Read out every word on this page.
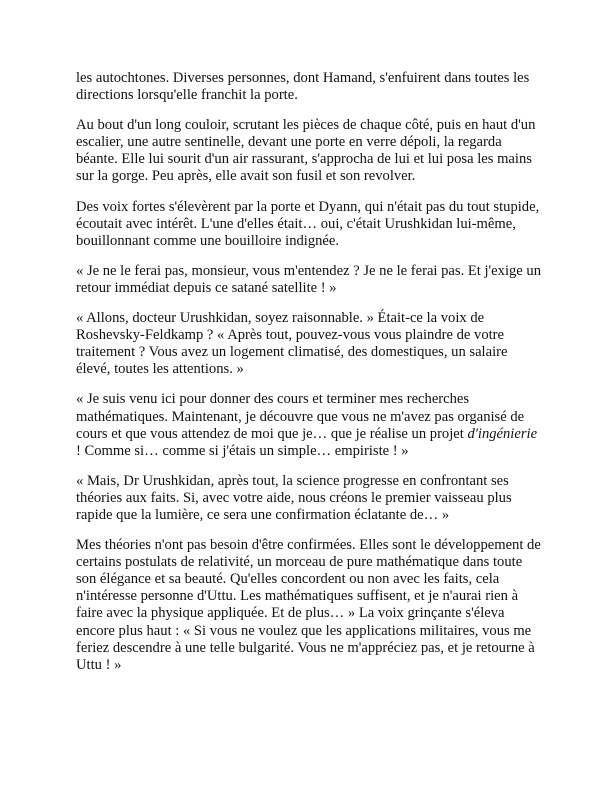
les autochtones. Diverses personnes, dont Hamand, s'enfuirent dans toutes les directions lorsqu'elle franchit la porte.

Au bout d'un long couloir, scrutant les pièces de chaque côté, puis en haut d'un escalier, une autre sentinelle, devant une porte en verre dépoli, la regarda béante. Elle lui sourit d'un air rassurant, s'approcha de lui et lui posa les mains sur la gorge. Peu après, elle avait son fusil et son revolver.

Des voix fortes s'élevèrent par la porte et Dyann, qui n'était pas du tout stupide, écoutait avec intérêt. L'une d'elles était… oui, c'était Urushkidan lui-même, bouillonnant comme une bouilloire indignée.

« Je ne le ferai pas, monsieur, vous m'entendez ? Je ne le ferai pas. Et j'exige un retour immédiat depuis ce satané satellite ! »

« Allons, docteur Urushkidan, soyez raisonnable. » Était-ce la voix de Roshevsky-Feldkamp ? « Après tout, pouvez-vous vous plaindre de votre traitement ? Vous avez un logement climatisé, des domestiques, un salaire élevé, toutes les attentions. »

« Je suis venu ici pour donner des cours et terminer mes recherches mathématiques. Maintenant, je découvre que vous ne m'avez pas organisé de cours et que vous attendez de moi que je… que je réalise un projet d'ingénierie ! Comme si… comme si j'étais un simple… empiriste ! »

« Mais, Dr Urushkidan, après tout, la science progresse en confrontant ses théories aux faits. Si, avec votre aide, nous créons le premier vaisseau plus rapide que la lumière, ce sera une confirmation éclatante de… »

Mes théories n'ont pas besoin d'être confirmées. Elles sont le développement de certains postulats de relativité, un morceau de pure mathématique dans toute son élégance et sa beauté. Qu'elles concordent ou non avec les faits, cela n'intéresse personne d'Uttu. Les mathématiques suffisent, et je n'aurai rien à faire avec la physique appliquée. Et de plus… » La voix grinçante s'éleva encore plus haut : « Si vous ne voulez que les applications militaires, vous me feriez descendre à une telle bulgarité. Vous ne m'appréciez pas, et je retourne à Uttu ! »
